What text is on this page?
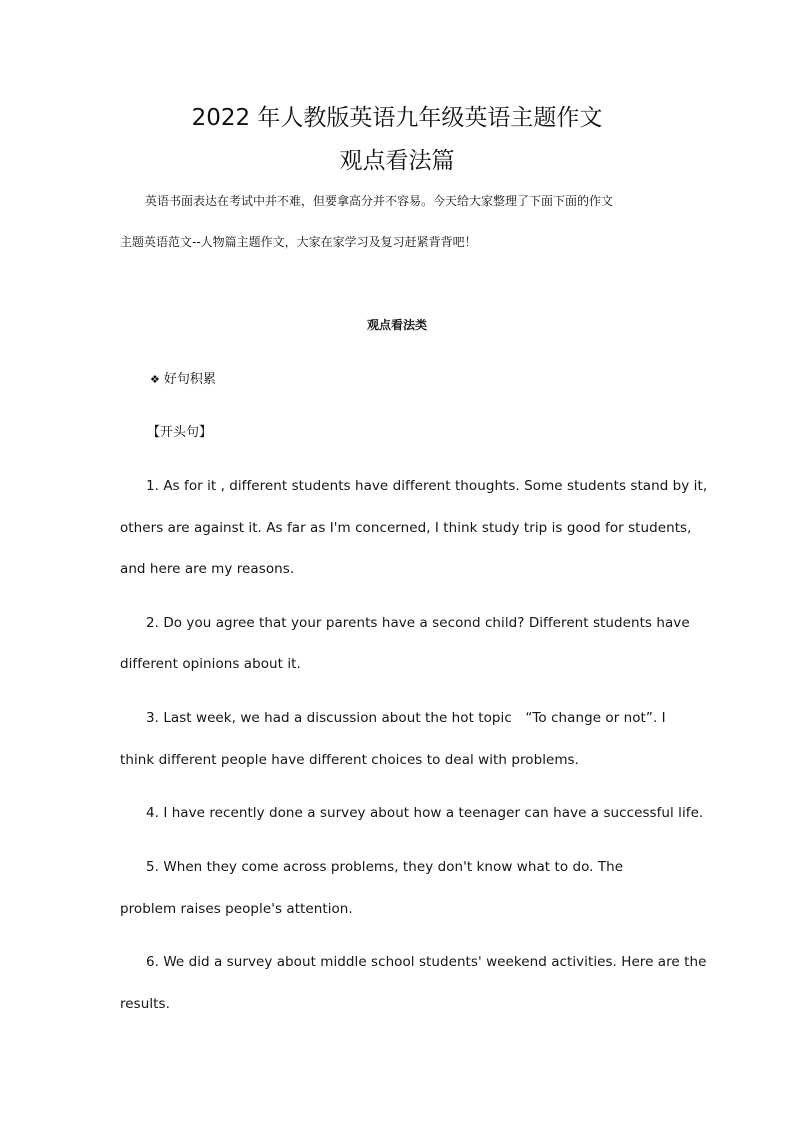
2022 年人教版英语九年级英语主题作文
观点看法篇
英语书面表达在考试中并不难，但要拿高分并不容易。今天给大家整理了下面下面的作文
主题英语范文--人物篇主题作文，大家在家学习及复习赶紧背背吧！
观点看法类
❖ 好句积累
【开头句】
1. As for it , different students have different thoughts. Some students stand by it,
others are against it. As far as I'm concerned, I think study trip is good for students,
and here are my reasons.
2. Do you agree that your parents have a second child? Different students have
different opinions about it.
3. Last week, we had a discussion about the hot topic　“To change or not”. I
think different people have different choices to deal with problems.
4. I have recently done a survey about how a teenager can have a successful life.
5. When they come across problems, they don't know what to do. The
problem raises people's attention.
6. We did a survey about middle school students' weekend activities. Here are the
results.
